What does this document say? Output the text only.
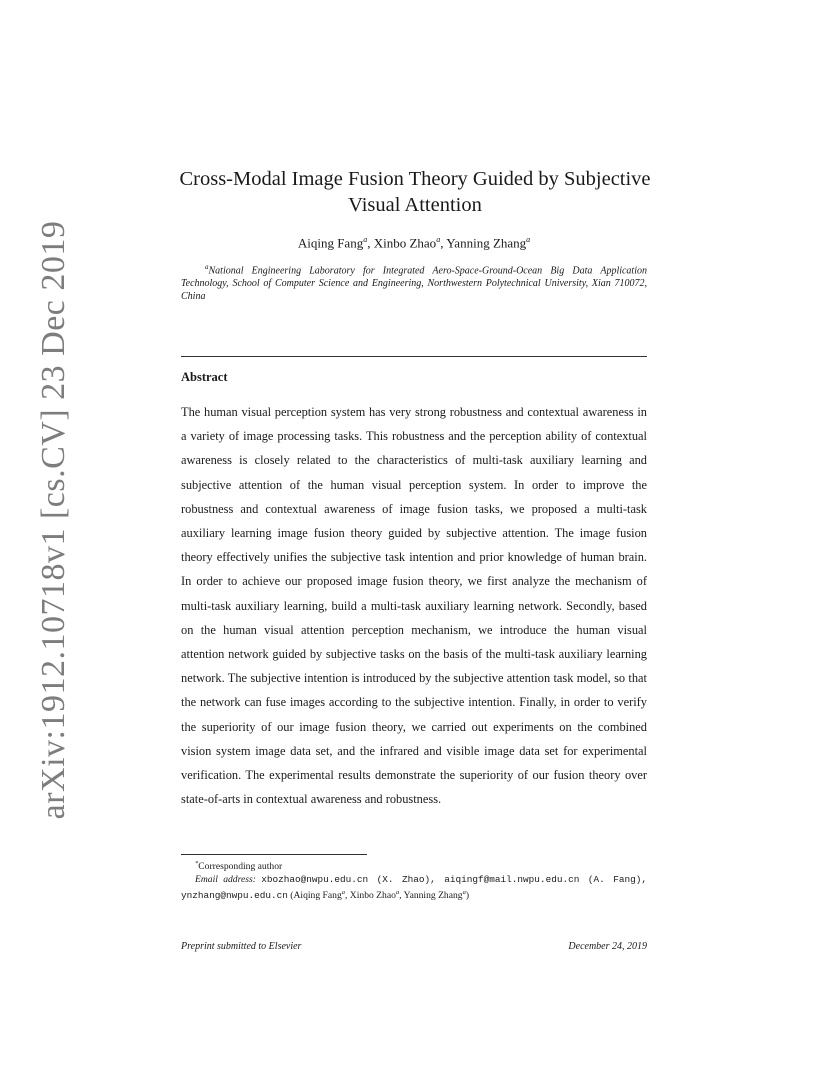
arXiv:1912.10718v1 [cs.CV] 23 Dec 2019
Cross-Modal Image Fusion Theory Guided by Subjective
Visual Attention
Aiqing Fang$^a$, Xinbo Zhao$^a$, Yanning Zhang$^a$
$^a$National Engineering Laboratory for Integrated Aero-Space-Ground-Ocean Big Data Application Technology, School of Computer Science and Engineering, Northwestern Polytechnical University, Xian 710072, China
Abstract

The human visual perception system has very strong robustness and contextual awareness in a variety of image processing tasks. This robustness and the perception ability of contextual awareness is closely related to the characteristics of multi-task auxiliary learning and subjective attention of the human visual perception system. In order to improve the robustness and contextual awareness of image fusion tasks, we proposed a multi-task auxiliary learning image fusion theory guided by subjective attention. The image fusion theory effectively unifies the subjective task intention and prior knowledge of human brain. In order to achieve our proposed image fusion theory, we first analyze the mechanism of multi-task auxiliary learning, build a multi-task auxiliary learning network. Secondly, based on the human visual attention perception mechanism, we introduce the human visual attention network guided by subjective tasks on the basis of the multi-task auxiliary learning network. The subjective intention is introduced by the subjective attention task model, so that the network can fuse images according to the subjective intention. Finally, in order to verify the superiority of our image fusion theory, we carried out experiments on the combined vision system image data set, and the infrared and visible image data set for experimental verification. The experimental results demonstrate the superiority of our fusion theory over state-of-arts in contextual awareness and robustness.

*Corresponding author
Email address: xbozhao@nwpu.edu.cn (X. Zhao), aiqingf@mail.nwpu.edu.cn (A. Fang), ynzhang@nwpu.edu.cn (Aiqing Fang$^a$, Xinbo Zhao$^a$, Yanning Zhang$^a$)
Preprint submitted to Elsevier	December 24, 2019
